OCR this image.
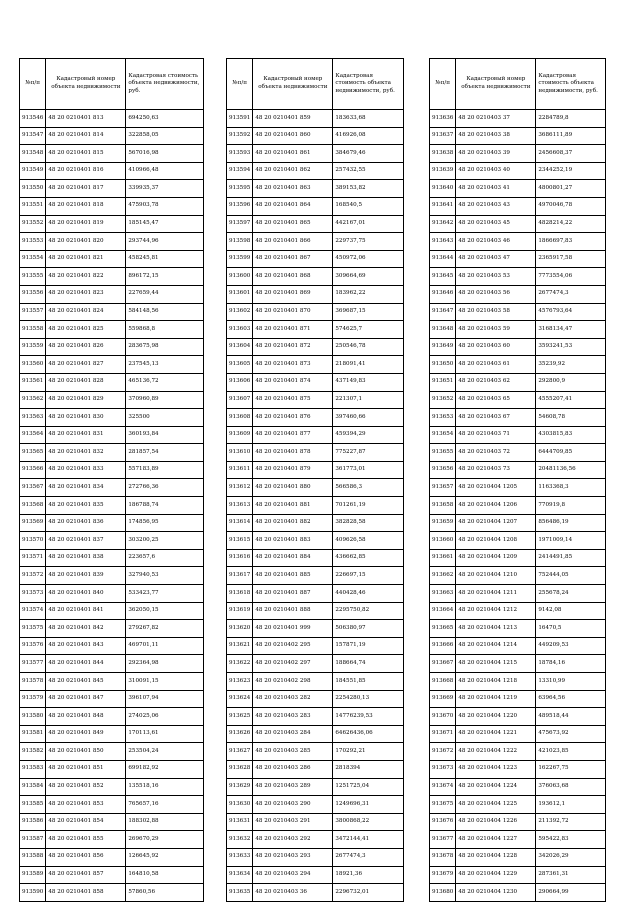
№п/п	Кадастровый номер объекта недвижимости	Кадастровая стоимость объекта недвижимости, руб.
913546	48 20 0210401 813	694250,63
913547	48 20 0210401 814	322858,05
913548	48 20 0210401 815	567016,98
913549	48 20 0210401 816	410966,48
913550	48 20 0210401 817	339935,37
913551	48 20 0210401 818	475903,78
913552	48 20 0210401 819	185145,47
913553	48 20 0210401 820	293744,96
913554	48 20 0210401 821	458245,81
913555	48 20 0210401 822	896172,15
913556	48 20 0210401 823	227659,44
913557	48 20 0210401 824	584148,56
913558	48 20 0210401 825	559868,8
913559	48 20 0210401 826	283675,98
913560	48 20 0210401 827	237545,13
913561	48 20 0210401 828	465136,72
913562	48 20 0210401 829	370960,89
913563	48 20 0210401 830	325500
913564	48 20 0210401 831	360193,84
913565	48 20 0210401 832	281857,54
913566	48 20 0210401 833	557183,89
913567	48 20 0210401 834	272766,36
913568	48 20 0210401 835	186788,74
913569	48 20 0210401 836	174856,95
913570	48 20 0210401 837	303200,25
913571	48 20 0210401 838	223657,6
913572	48 20 0210401 839	327940,53
913573	48 20 0210401 840	533423,77
913574	48 20 0210401 841	362050,15
913575	48 20 0210401 842	279267,82
913576	48 20 0210401 843	469701,11
913577	48 20 0210401 844	292364,98
913578	48 20 0210401 845	310091,15
913579	48 20 0210401 847	396107,94
913580	48 20 0210401 848	274025,06
913581	48 20 0210401 849	170113,61
913582	48 20 0210401 850	253504,24
913583	48 20 0210401 851	699182,92
913584	48 20 0210401 852	135518,16
913585	48 20 0210401 853	765657,16
913586	48 20 0210401 854	188302,88
913587	48 20 0210401 855	269670,29
913588	48 20 0210401 856	126645,92
913589	48 20 0210401 857	164810,58
913590	48 20 0210401 858	57860,56
№п/п	Кадастровый номер объекта недвижимости	Кадастровая стоимость объекта недвижимости, руб.
913591	48 20 0210401 859	183633,68
913592	48 20 0210401 860	416926,08
913593	48 20 0210401 861	384679,46
913594	48 20 0210401 862	257432,55
913595	48 20 0210401 863	389153,82
913596	48 20 0210401 864	168540,5
913597	48 20 0210401 865	442167,01
913598	48 20 0210401 866	229737,75
913599	48 20 0210401 867	450972,06
913600	48 20 0210401 868	309664,69
913601	48 20 0210401 869	183962,22
913602	48 20 0210401 870	369687,15
913603	48 20 0210401 871	574625,7
913604	48 20 0210401 872	250546,78
913605	48 20 0210401 873	218091,41
913606	48 20 0210401 874	437149,83
913607	48 20 0210401 875	221307,1
913608	48 20 0210401 876	397460,66
913609	48 20 0210401 877	459394,29
913610	48 20 0210401 878	775227,87
913611	48 20 0210401 879	361773,01
913612	48 20 0210401 880	566586,3
913613	48 20 0210401 881	701261,19
913614	48 20 0210401 882	382828,58
913615	48 20 0210401 883	409626,58
913616	48 20 0210401 884	436662,85
913617	48 20 0210401 885	226697,15
913618	48 20 0210401 887	440428,46
913619	48 20 0210401 888	2295750,82
913620	48 20 0210401 999	506380,97
913621	48 20 0210402 295	157871,19
913622	48 20 0210402 297	188664,74
913623	48 20 0210402 298	184551,85
913624	48 20 0210403 282	2254280,13
913625	48 20 0210403 283	14776239,53
913626	48 20 0210403 284	64626436,06
913627	48 20 0210403 285	170292,21
913628	48 20 0210403 286	2818394
913629	48 20 0210403 289	1251725,04
913630	48 20 0210403 290	1249696,31
913631	48 20 0210403 291	3800868,22
913632	48 20 0210403 292	3472144,41
913633	48 20 0210403 293	2677474,3
913634	48 20 0210403 294	18921,36
913635	48 20 0210403 36	2296732,01
№п/п	Кадастровый номер объекта недвижимости	Кадастровая стоимость объекта недвижимости, руб.
913636	48 20 0210403 37	2284789,8
913637	48 20 0210403 38	3686111,89
913638	48 20 0210403 39	2456608,37
913639	48 20 0210403 40	2344252,19
913640	48 20 0210403 41	4800801,27
913641	48 20 0210403 43	4970046,78
913642	48 20 0210403 45	4828214,22
913643	48 20 0210403 46	1866697,83
913644	48 20 0210403 47	2365917,58
913645	48 20 0210403 53	7773554,06
913646	48 20 0210403 56	2677474,3
913647	48 20 0210403 58	4576793,64
913648	48 20 0210403 59	3168134,47
913649	48 20 0210403 60	3593241,53
913650	48 20 0210403 61	35239,92
913651	48 20 0210403 62	292800,9
913652	48 20 0210403 65	4555207,41
913653	48 20 0210403 67	54608,78
913654	48 20 0210403 71	4303815,83
913655	48 20 0210403 72	6444709,85
913656	48 20 0210403 73	20481136,56
913657	48 20 0210404 1205	1163368,3
913658	48 20 0210404 1206	770919,8
913659	48 20 0210404 1207	856486,19
913660	48 20 0210404 1208	1971009,14
913661	48 20 0210404 1209	2414491,85
913662	48 20 0210404 1210	752444,05
913663	48 20 0210404 1211	255678,24
913664	48 20 0210404 1212	9142,08
913665	48 20 0210404 1213	16470,5
913666	48 20 0210404 1214	449209,53
913667	48 20 0210404 1215	18784,16
913668	48 20 0210404 1218	13310,99
913669	48 20 0210404 1219	63964,56
913670	48 20 0210404 1220	489518,44
913671	48 20 0210404 1221	475673,92
913672	48 20 0210404 1222	421023,85
913673	48 20 0210404 1223	162267,75
913674	48 20 0210404 1224	376063,68
913675	48 20 0210404 1225	193612,1
913676	48 20 0210404 1226	211392,72
913677	48 20 0210404 1227	595422,83
913678	48 20 0210404 1228	342026,29
913679	48 20 0210404 1229	287361,31
913680	48 20 0210404 1230	290664,99
